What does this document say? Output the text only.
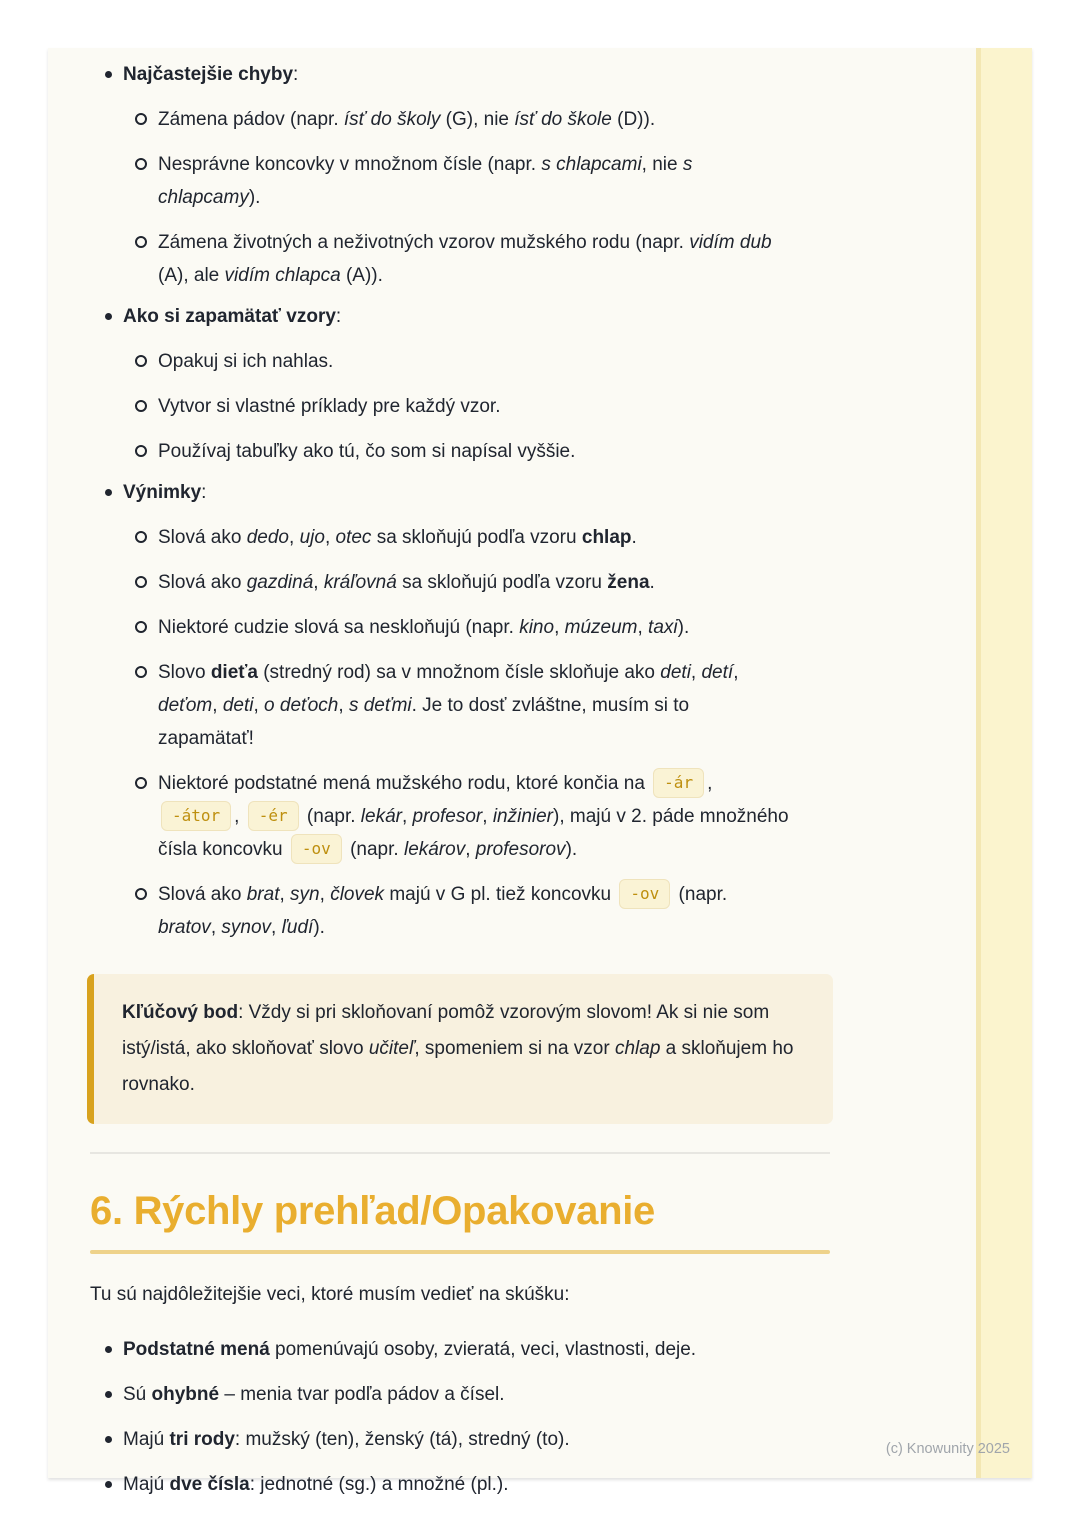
Najčastejšie chyby:
Zámena pádov (napr. ísť do školy (G), nie ísť do škole (D)).
Nesprávne koncovky v množnom čísle (napr. s chlapcami, nie s chlapcamy).
Zámena životných a neživotných vzorov mužského rodu (napr. vidím dub (A), ale vidím chlapca (A)).
Ako si zapamätať vzory:
Opakuj si ich nahlas.
Vytvor si vlastné príklady pre každý vzor.
Používaj tabuľky ako tú, čo som si napísal vyššie.
Výnimky:
Slová ako dedo, ujo, otec sa skloňujú podľa vzoru chlap.
Slová ako gazdiná, kráľovná sa skloňujú podľa vzoru žena.
Niektoré cudzie slová sa neskloňujú (napr. kino, múzeum, taxi).
Slovo dieťa (stredný rod) sa v množnom čísle skloňuje ako deti, detí, deťom, deti, o deťoch, s deťmi. Je to dosť zvláštne, musím si to zapamätať!
Niektoré podstatné mená mužského rodu, ktoré končia na -ár , -átor , -ér (napr. lekár, profesor, inžinier), majú v 2. páde množného čísla koncovku -ov (napr. lekárov, profesorov).
Slová ako brat, syn, človek majú v G pl. tiež koncovku -ov (napr. bratov, synov, ľudí).

Kľúčový bod: Vždy si pri skloňovaní pomôž vzorovým slovom! Ak si nie som istý/istá, ako skloňovať slovo učiteľ, spomeniem si na vzor chlap a skloňujem ho rovnako.

6. Rýchly prehľad/Opakovanie

Tu sú najdôležitejšie veci, ktoré musím vedieť na skúšku:

Podstatné mená pomenúvajú osoby, zvieratá, veci, vlastnosti, deje.
Sú ohybné – menia tvar podľa pádov a čísel.
Majú tri rody: mužský (ten), ženský (tá), stredný (to).
Majú dve čísla: jednotné (sg.) a množné (pl.).
(c) Knowunity 2025
